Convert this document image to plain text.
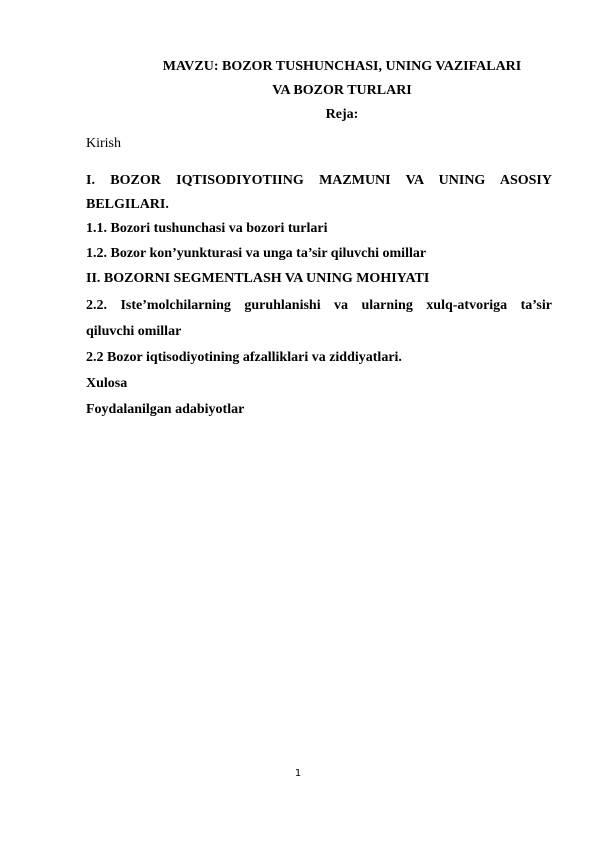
MAVZU: BOZOR TUSHUNCHASI, UNING VAZIFALARI
VA BOZOR TURLARI
Reja:
Kirish
I. BOZOR IQTISODIYOTIING MAZMUNI VA UNING ASOSIY
BELGILARI.
1.1. Bozori tushunchasi va bozori turlari
1.2. Bozor kon’yunkturasi va unga ta’sir qiluvchi omillar
II. BOZORNI SEGMENTLASH VA UNING MOHIYATI
2.2. Iste’molchilarning guruhlanishi va ularning xulq-atvoriga ta’sir
qiluvchi omillar
2.2 Bozor iqtisodiyotining afzalliklari va ziddiyatlari.
Xulosa
Foydalanilgan adabiyotlar
1
